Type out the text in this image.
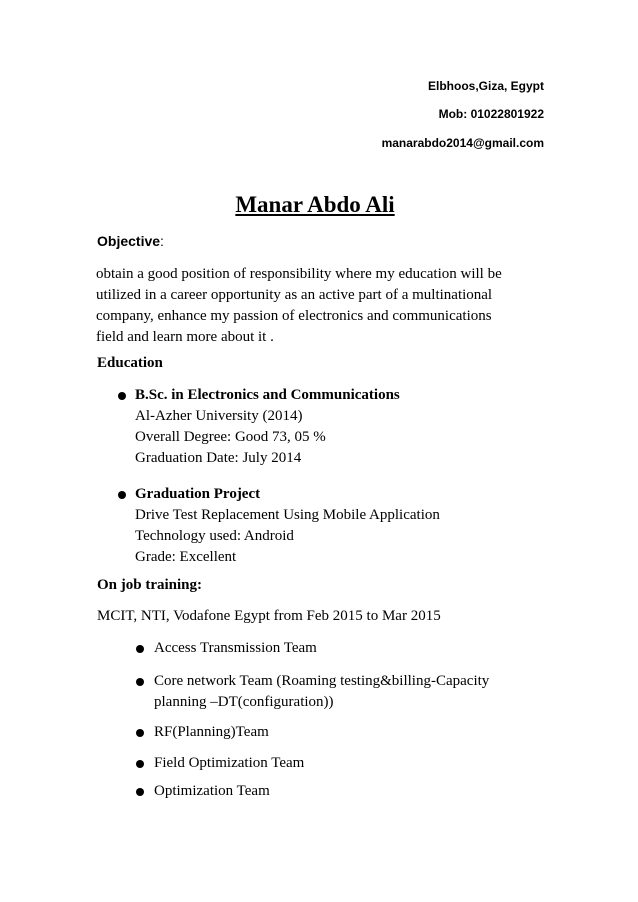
Elbhoos,Giza, Egypt
Mob: 01022801922
manarabdo2014@gmail.com
Manar Abdo Ali
Objective:
obtain a good position of responsibility where my education will be
utilized in a career opportunity as an active part of a multinational
company, enhance my passion of electronics and communications
field and learn more about it .
Education
B.Sc. in Electronics and Communications
Al-Azher University (2014)
Overall Degree: Good 73, 05 %
Graduation Date: July 2014
Graduation Project
Drive Test Replacement Using Mobile Application
Technology used: Android
Grade: Excellent
On job training:
MCIT, NTI, Vodafone Egypt from Feb 2015 to Mar 2015
Access Transmission Team
Core network Team (Roaming testing&billing-Capacity
planning –DT(configuration))
RF(Planning)Team
Field Optimization Team
Optimization Team
